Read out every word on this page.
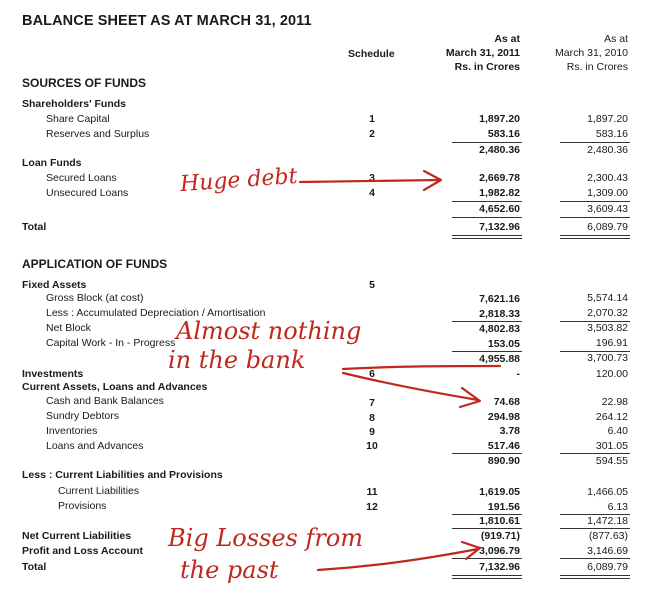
BALANCE SHEET AS AT MARCH 31, 2011
Schedule
As at
March 31, 2011
Rs. in Crores
As at
March 31, 2010
Rs. in Crores
SOURCES OF FUNDS
Shareholders' Funds
Share Capital	1	1,897.20	1,897.20
Reserves and Surplus	2	583.16	583.16
2,480.36	2,480.36
Loan Funds
Secured Loans	3	2,669.78	2,300.43
Unsecured Loans	4	1,982.82	1,309.00
4,652.60	3,609.43
Total	7,132.96	6,089.79
APPLICATION OF FUNDS
Fixed Assets	5
Gross Block (at cost)	7,621.16	5,574.14
Less : Accumulated Depreciation / Amortisation	2,818.33	2,070.32
Net Block	4,802.83	3,503.82
Capital Work - In - Progress	153.05	196.91
4,955.88	3,700.73
Investments	6	-	120.00
Current Assets, Loans and Advances
Cash and Bank Balances	7	74.68	22.98
Sundry Debtors	8	294.98	264.12
Inventories	9	3.78	6.40
Loans and Advances	10	517.46	301.05
890.90	594.55
Less : Current Liabilities and Provisions
Current Liabilities	11	1,619.05	1,466.05
Provisions	12	191.56	6.13
1,810.61	1,472.18
Net Current Liabilities	(919.71)	(877.63)
Profit and Loss Account	3,096.79	3,146.69
Total	7,132.96	6,089.79
Huge debt
Almost nothing
in the bank
Big Losses from
the past
